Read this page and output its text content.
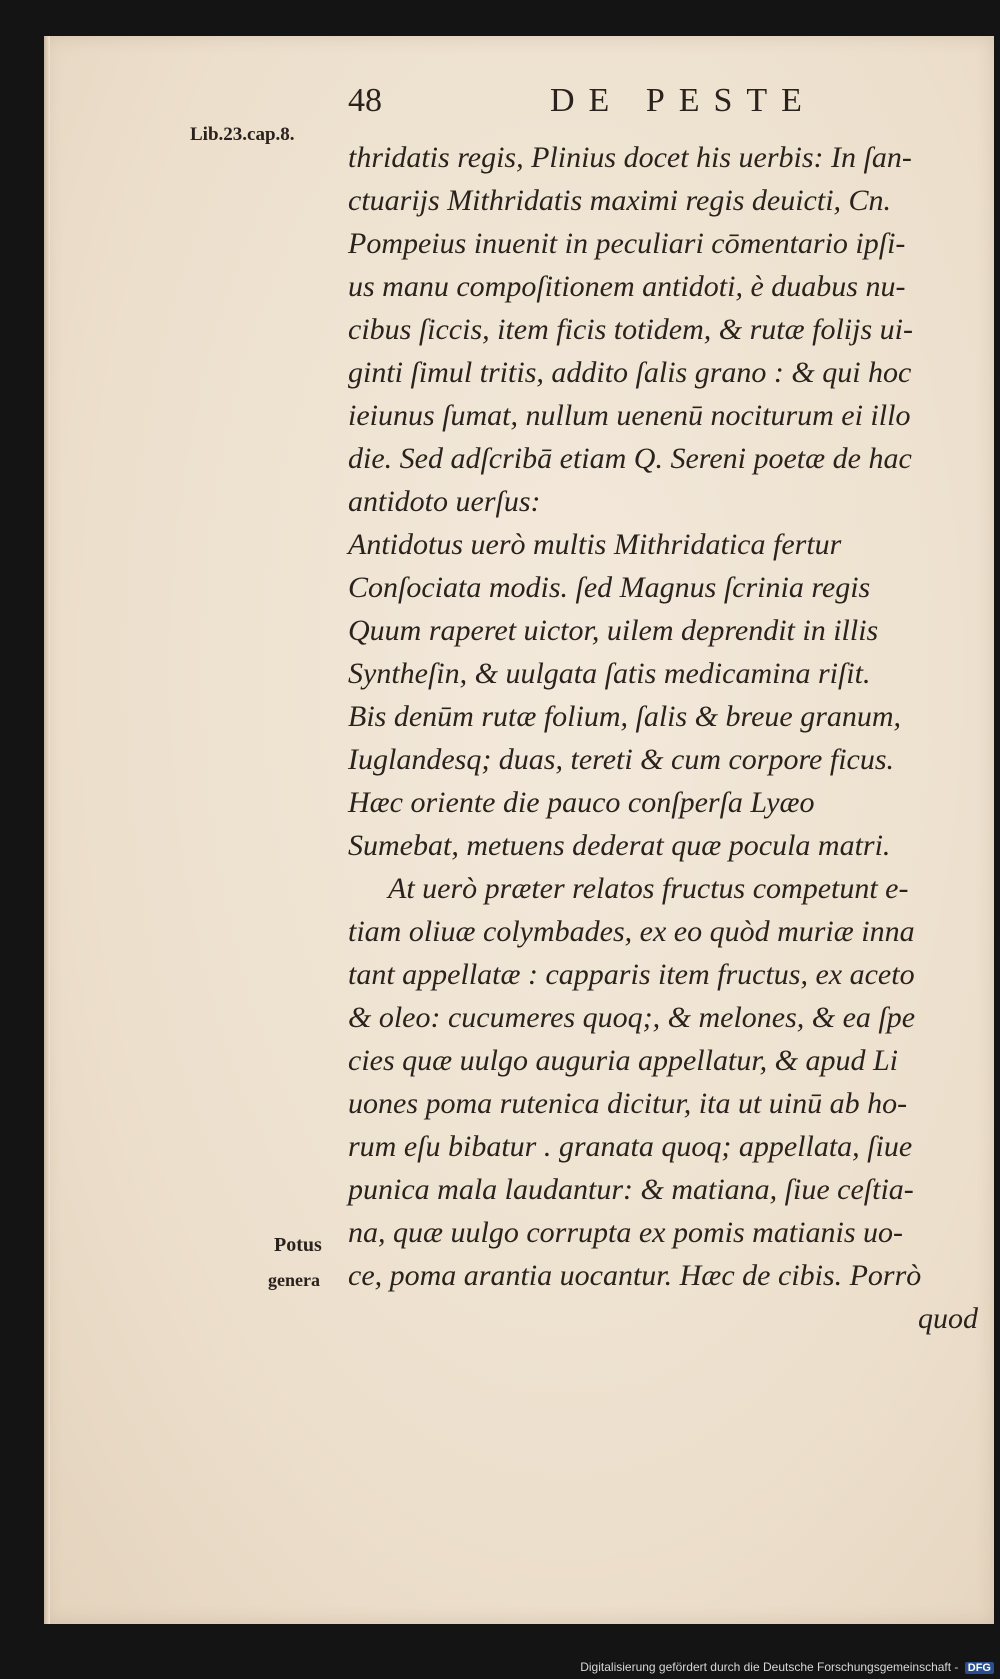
48	DE PESTE
Lib.23.cap.8.
Potus
genera
thridatis regis, Plinius docet his uerbis: In ſan-
ctuarijs Mithridatis maximi regis deuicti, Cn.
Pompeius inuenit in peculiari cōmentario ipſi-
us manu compoſitionem antidoti, è duabus nu-
cibus ſiccis, item ficis totidem, & rutæ folijs ui-
ginti ſimul tritis, addito ſalis grano : & qui hoc
ieiunus ſumat, nullum uenenū nociturum ei illo
die. Sed adſcribā etiam Q. Sereni poetæ de hac
antidoto uerſus:
Antidotus uerò multis Mithridatica fertur
Conſociata modis. ſed Magnus ſcrinia regis
Quum raperet uictor, uilem deprendit in illis
Syntheſin, & uulgata ſatis medicamina riſit.
Bis denūm rutæ folium, ſalis & breue granum,
Iuglandesq; duas, tereti & cum corpore ficus.
Hæc oriente die pauco conſperſa Lyæo
Sumebat, metuens dederat quæ pocula matri.
At uerò præter relatos fructus competunt e-
tiam oliuæ colymbades, ex eo quòd muriæ inna
tant appellatæ : capparis item fructus, ex aceto
& oleo: cucumeres quoq;, & melones, & ea ſpe
cies quæ uulgo auguria appellatur, & apud Li
uones poma rutenica dicitur, ita ut uinū ab ho-
rum eſu bibatur . granata quoq; appellata, ſiue
punica mala laudantur: & matiana, ſiue ceſtia-
na, quæ uulgo corrupta ex pomis matianis uo-
ce, poma arantia uocantur. Hæc de cibis. Porrò
quod
Digitalisierung gefördert durch die Deutsche Forschungsgemeinschaft - DFG
